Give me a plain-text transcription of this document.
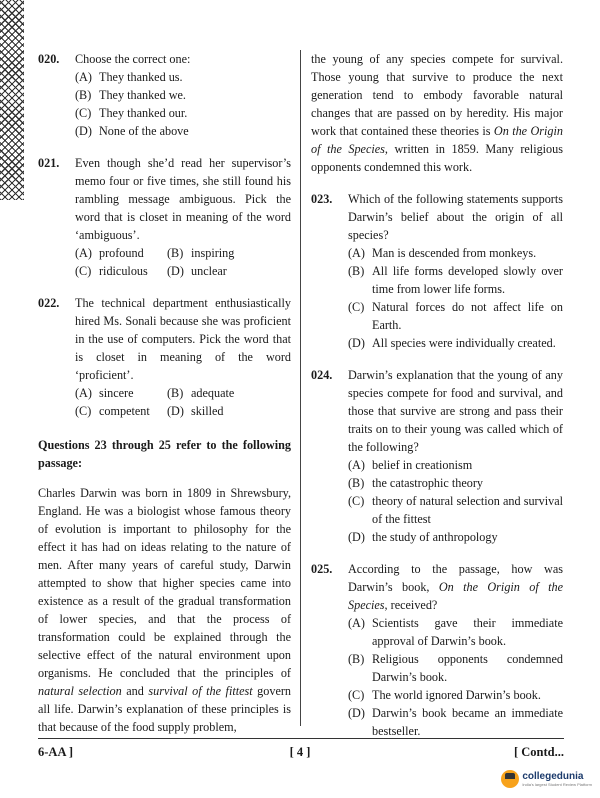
020.	Choose the correct one:
(A) They thanked us.
(B) They thanked we.
(C) They thanked our.
(D) None of the above
021.	Even though she’d read her supervisor’s memo four or five times, she still found his rambling message ambiguous. Pick the word that is closet in meaning of the word ‘ambiguous’.
(A) profound (B) inspiring
(C) ridiculous (D) unclear
022.	The technical department enthusiastically hired Ms. Sonali because she was proficient in the use of computers. Pick the word that is closet in meaning of the word ‘proficient’.
(A) sincere	(B) adequate
(C) competent (D) skilled
Questions 23 through 25 refer to the following passage:

Charles Darwin was born in 1809 in Shrewsbury, England. He was a biologist whose famous theory of evolution is important to philosophy for the effect it has had on ideas relating to the nature of men. After many years of careful study, Darwin attempted to show that higher species came into existence as a result of the gradual transformation of lower species, and that the process of transformation could be explained through the selective effect of the natural environment upon organisms. He concluded that the principles of natural selection and survival of the fittest govern all life. Darwin’s explanation of these principles is that because of the food supply problem,

the young of any species compete for survival. Those young that survive to produce the next generation tend to embody favorable natural changes that are passed on by heredity. His major work that contained these theories is On the Origin of the Species, written in 1859. Many religious opponents condemned this work.
023.	Which of the following statements supports Darwin’s belief about the origin of all species?
(A) Man is descended from monkeys.
(B) All life forms developed slowly over time from lower life forms.
(C) Natural forces do not affect life on Earth.
(D) All species were individually created.
024.	Darwin’s explanation that the young of any species compete for food and survival, and those that survive are strong and pass their traits on to their young was called which of the following?
(A) belief in creationism
(B) the catastrophic theory
(C) theory of natural selection and survival of the fittest
(D) the study of anthropology
025.	According to the passage, how was Darwin’s book, On the Origin of the Species, received?
(A) Scientists gave their immediate approval of Darwin’s book.
(B) Religious opponents condemned Darwin’s book.
(C) The world ignored Darwin’s book.
(D) Darwin’s book became an immediate bestseller.
6-AA ]	[ 4 ]	[ Contd...
collegedunia
India's largest Student Review Platform
